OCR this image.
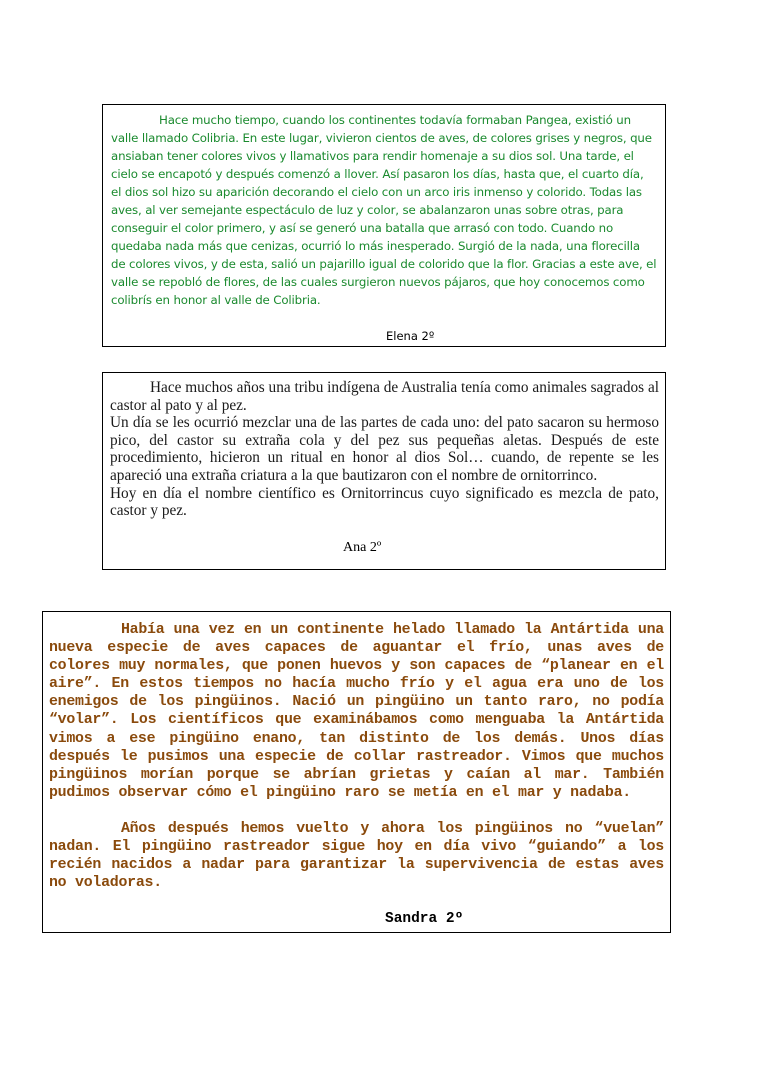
Hace mucho tiempo, cuando los continentes todavía formaban Pangea, existió un valle llamado Colibria. En este lugar, vivieron cientos de aves, de colores grises y negros, que ansiaban tener colores vivos y llamativos para rendir homenaje a su dios sol. Una tarde, el cielo se encapotó y después comenzó a llover. Así pasaron los días, hasta que, el cuarto día, el dios sol hizo su aparición decorando el cielo con un arco iris inmenso y colorido. Todas las aves, al ver semejante espectáculo de luz y color, se abalanzaron unas sobre otras, para conseguir el color primero, y así se generó una batalla que arrasó con todo. Cuando no quedaba nada más que cenizas, ocurrió lo más inesperado. Surgió de la nada, una florecilla de colores vivos, y de esta, salió un pajarillo igual de colorido que la flor. Gracias a este ave, el valle se repobló de flores, de las cuales surgieron nuevos pájaros, que hoy conocemos como colibrís en honor al valle de Colibria.

Elena 2º

Hace muchos años una tribu indígena de Australia tenía como animales sagrados al castor al pato y al pez.

Un día se les ocurrió mezclar una de las partes de cada uno: del pato sacaron su hermoso pico, del castor su extraña cola y del pez sus pequeñas aletas. Después de este procedimiento, hicieron un ritual en honor al dios Sol… cuando, de repente se les apareció una extraña criatura a la que bautizaron con el nombre de ornitorrinco.

Hoy en día el nombre científico es Ornitorrincus cuyo significado es mezcla de pato, castor y pez.

Ana 2º

Había una vez en un continente helado llamado la Antártida una nueva especie de aves capaces de aguantar el frío, unas aves de colores muy normales, que ponen huevos y son capaces de “planear en el aire”. En estos tiempos no hacía mucho frío y el agua era uno de los enemigos de los pingüinos. Nació un pingüino un tanto raro, no podía “volar”. Los científicos que examinábamos como menguaba la Antártida vimos a ese pingüino enano, tan distinto de los demás. Unos días después le pusimos una especie de collar rastreador. Vimos que muchos pingüinos morían porque se abrían grietas y caían al mar. También pudimos observar cómo el pingüino raro se metía en el mar y nadaba.

Años después hemos vuelto y ahora los pingüinos no “vuelan” nadan. El pingüino rastreador sigue hoy en día vivo “guiando” a los recién nacidos a nadar para garantizar la supervivencia de estas aves no voladoras.

Sandra 2º
